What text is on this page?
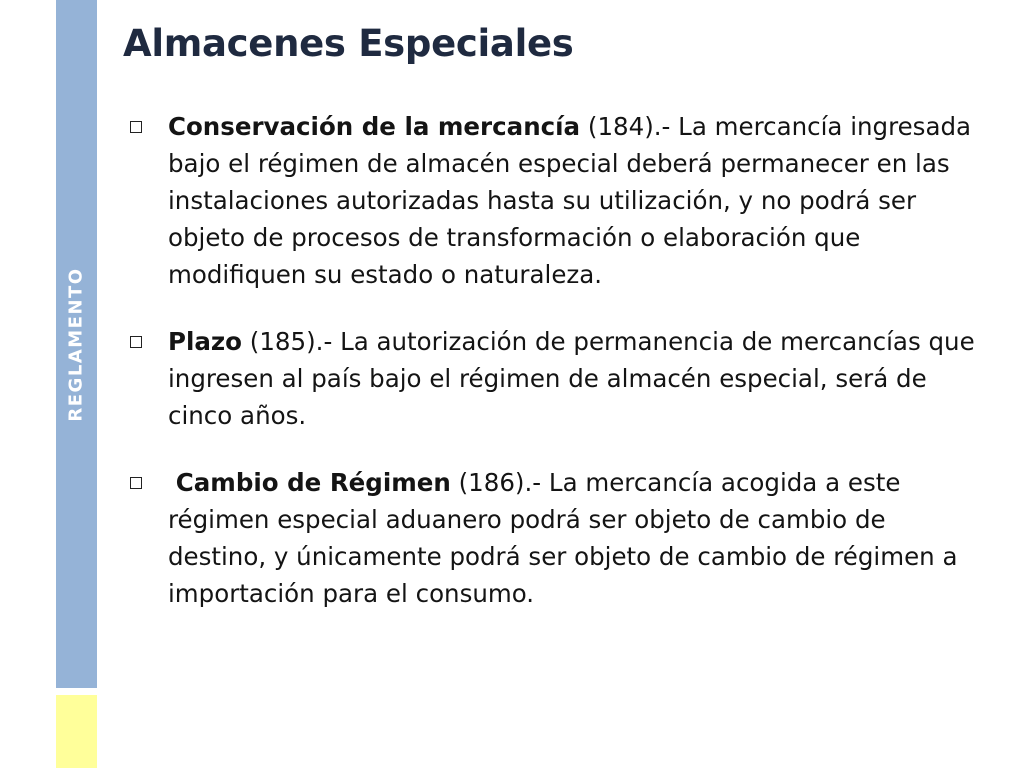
REGLAMENTO
Almacenes Especiales
Conservación de la mercancía (184).- La mercancía ingresada bajo el régimen de almacén especial deberá permanecer en las instalaciones autorizadas hasta su utilización, y no podrá ser objeto de procesos de transformación o elaboración que modifiquen su estado o naturaleza.
Plazo (185).- La autorización de permanencia de mercancías que ingresen al país bajo el régimen de almacén especial, será de cinco años.
Cambio de Régimen (186).- La mercancía acogida a este régimen especial aduanero podrá ser objeto de cambio de destino, y únicamente podrá ser objeto de cambio de régimen a importación para el consumo.
